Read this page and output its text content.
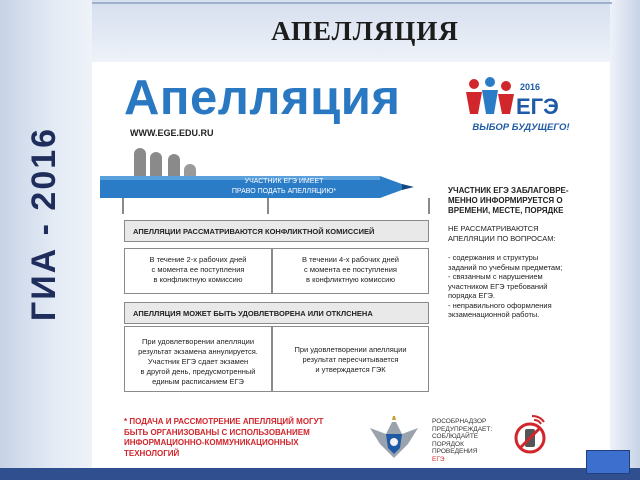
АПЕЛЛЯЦИЯ
ГИА - 2016
Апелляция
WWW.EGE.EDU.RU
2016
ЕГЭ
ВЫБОР БУДУЩЕГО!
УЧАСТНИК ЕГЭ ИМЕЕТ
ПРАВО ПОДАТЬ АПЕЛЛЯЦИЮ*
АПЕЛЛЯЦИИ РАССМАТРИВАЮТСЯ КОНФЛИКТНОЙ КОМИССИЕЙ
В течение 2-х рабочих дней
с момента ее поступления
в конфликтную комиссию
В течении 4-х рабочих дней
с момента ее поступления
в конфликтную комиссию
АПЕЛЛЯЦИЯ МОЖЕТ БЫТЬ УДОВЛЕТВОРЕНА ИЛИ ОТКЛСНЕНА
При удовлетворении апелляции
результат экзамена аннулируется.
Участник ЕГЭ сдает экзамен
в другой день, предусмотренный
единым расписанием ЕГЭ
При удовлетворении апелляции
результат пересчитывается
и утверждается ГЭК
УЧАСТНИК ЕГЭ ЗАБЛАГОВРЕ-
МЕННО ИНФОРМИРУЕТСЯ О
ВРЕМЕНИ, МЕСТЕ, ПОРЯДКЕ
НЕ РАССМАТРИВАЮТСЯ
АПЕЛЛЯЦИИ ПО ВОПРОСАМ:
- содержания и структуры
заданий по учебным предметам;
- связанным с нарушением
участником ЕГЭ требований
порядка ЕГЭ.
- неправильного оформления
экзаменационной работы.
* ПОДАЧА И РАССМОТРЕНИЕ АПЕЛЛЯЦИЙ МОГУТ
БЫТЬ ОРГАНИЗОВАНЫ С ИСПОЛЬЗОВАНИЕМ
ИНФОРМАЦИОННО-КОММУНИКАЦИОННЫХ
ТЕХНОЛОГИЙ
РОСОБРНАДЗОР
ПРЕДУПРЕЖДАЕТ:
СОБЛЮДАЙТЕ
ПОРЯДОК
ПРОВЕДЕНИЯ
ЕГЭ
